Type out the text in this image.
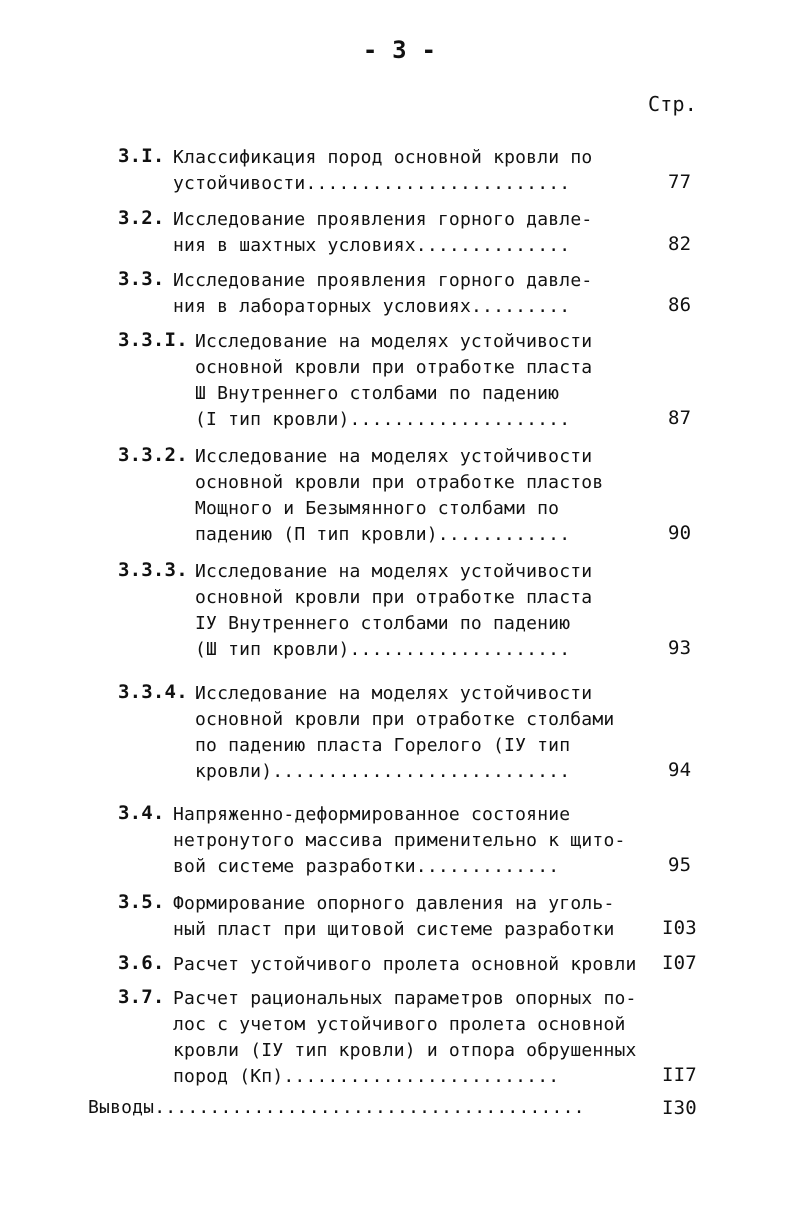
- 3 -
Стр.
3.I. Классификация пород основной кровли по
устойчивости........................	77
3.2. Исследование проявления горного давле-
ния в шахтных условиях..............	82
3.3. Исследование проявления горного давле-
ния в лабораторных условиях.........	86
3.3.I. Исследование на моделях устойчивости
основной кровли при отработке пласта
Ш Внутреннего столбами по падению
(I тип кровли)....................	87
3.3.2. Исследование на моделях устойчивости
основной кровли при отработке пластов
Мощного и Безымянного столбами по
падению (П тип кровли)............	90
3.3.3. Исследование на моделях устойчивости
основной кровли при отработке пласта
IУ Внутреннего столбами по падению
(Ш тип кровли)....................	93
3.3.4. Исследование на моделях устойчивости
основной кровли при отработке столбами
по падению пласта Горелого (IУ тип
кровли)...........................	94
3.4. Напряженно-деформированное состояние
нетронутого массива применительно к щито-
вой системе разработки.............	95
3.5. Формирование опорного давления на уголь-
ный пласт при щитовой системе разработки	I03
3.6. Расчет устойчивого пролета основной кровли I07
3.7. Расчет рациональных параметров опорных по-
лос с учетом устойчивого пролета основной
кровли (IУ тип кровли) и отпора обрушенных
пород (Кп).........................	II7
Выводы.......................................	I30
